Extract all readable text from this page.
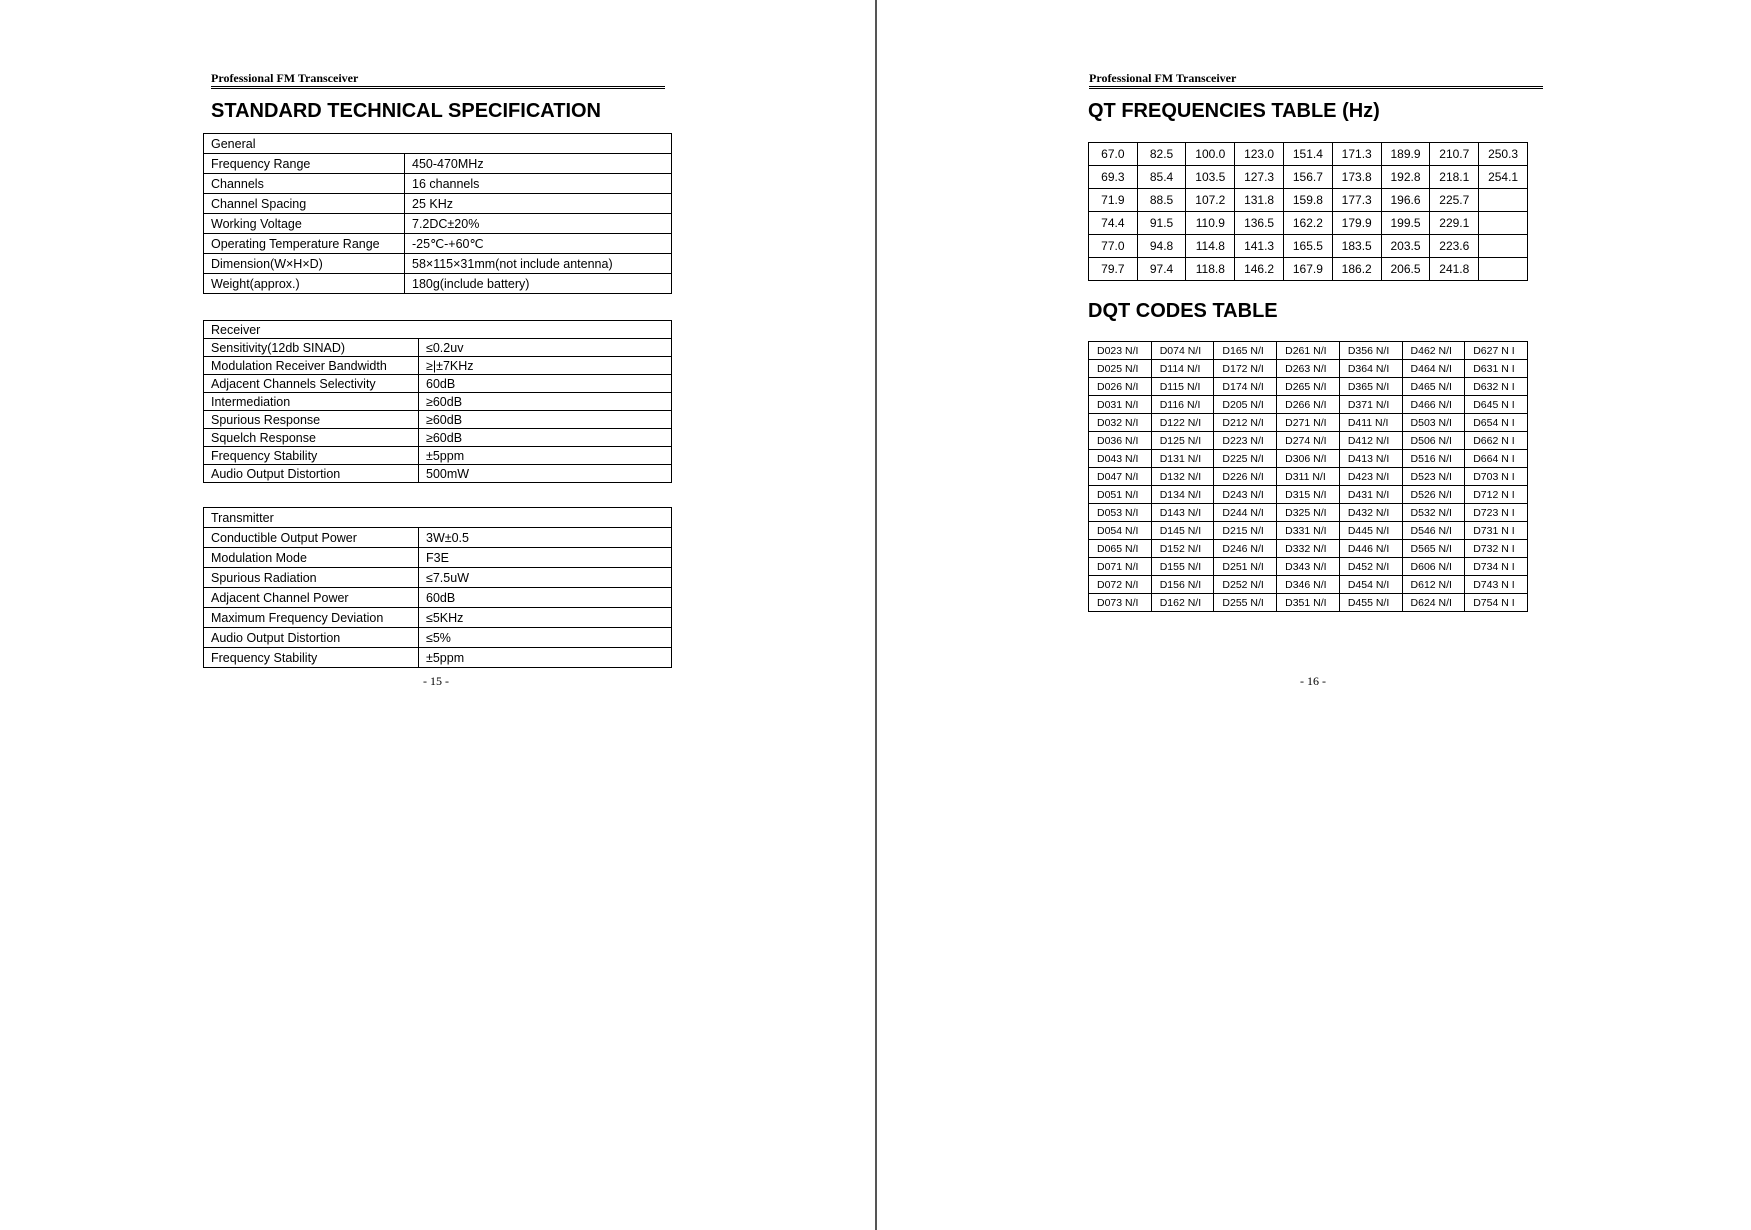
Professional FM Transceiver
STANDARD TECHNICAL SPECIFICATION
General	
Frequency Range	450-470MHz
Channels	16 channels
Channel Spacing	25 KHz
Working Voltage	7.2DC±20%
Operating Temperature Range	-25℃-+60℃
Dimension(W×H×D)	58×115×31mm(not include antenna)
Weight(approx.)	180g(include battery)
Receiver	
Sensitivity(12db SINAD)	≤0.2uv
Modulation Receiver Bandwidth	≥|±7KHz
Adjacent Channels Selectivity	60dB
Intermediation	≥60dB
Spurious Response	≥60dB
Squelch Response	≥60dB
Frequency Stability	±5ppm
Audio Output Distortion	500mW
Transmitter	
Conductible Output Power	3W±0.5
Modulation Mode	F3E
Spurious Radiation	≤7.5uW
Adjacent Channel Power	60dB
Maximum Frequency Deviation	≤5KHz
Audio Output Distortion	≤5%
Frequency Stability	±5ppm
- 15 -
Professional FM Transceiver
QT FREQUENCIES TABLE (Hz)
67.0	82.5	100.0	123.0	151.4	171.3	189.9	210.7	250.3
69.3	85.4	103.5	127.3	156.7	173.8	192.8	218.1	254.1
71.9	88.5	107.2	131.8	159.8	177.3	196.6	225.7	
74.4	91.5	110.9	136.5	162.2	179.9	199.5	229.1	
77.0	94.8	114.8	141.3	165.5	183.5	203.5	223.6	
79.7	97.4	118.8	146.2	167.9	186.2	206.5	241.8	
DQT CODES TABLE
D023 N/I	D074 N/I	D165 N/I	D261 N/I	D356 N/I	D462 N/I	D627 N I
D025 N/I	D114 N/I	D172 N/I	D263 N/I	D364 N/I	D464 N/I	D631 N I
D026 N/I	D115 N/I	D174 N/I	D265 N/I	D365 N/I	D465 N/I	D632 N I
D031 N/I	D116 N/I	D205 N/I	D266 N/I	D371 N/I	D466 N/I	D645 N I
D032 N/I	D122 N/I	D212 N/I	D271 N/I	D411 N/I	D503 N/I	D654 N I
D036 N/I	D125 N/I	D223 N/I	D274 N/I	D412 N/I	D506 N/I	D662 N I
D043 N/I	D131 N/I	D225 N/I	D306 N/I	D413 N/I	D516 N/I	D664 N I
D047 N/I	D132 N/I	D226 N/I	D311 N/I	D423 N/I	D523 N/I	D703 N I
D051 N/I	D134 N/I	D243 N/I	D315 N/I	D431 N/I	D526 N/I	D712 N I
D053 N/I	D143 N/I	D244 N/I	D325 N/I	D432 N/I	D532 N/I	D723 N I
D054 N/I	D145 N/I	D215 N/I	D331 N/I	D445 N/I	D546 N/I	D731 N I
D065 N/I	D152 N/I	D246 N/I	D332 N/I	D446 N/I	D565 N/I	D732 N I
D071 N/I	D155 N/I	D251 N/I	D343 N/I	D452 N/I	D606 N/I	D734 N I
D072 N/I	D156 N/I	D252 N/I	D346 N/I	D454 N/I	D612 N/I	D743 N I
D073 N/I	D162 N/I	D255 N/I	D351 N/I	D455 N/I	D624 N/I	D754 N I
- 16 -
